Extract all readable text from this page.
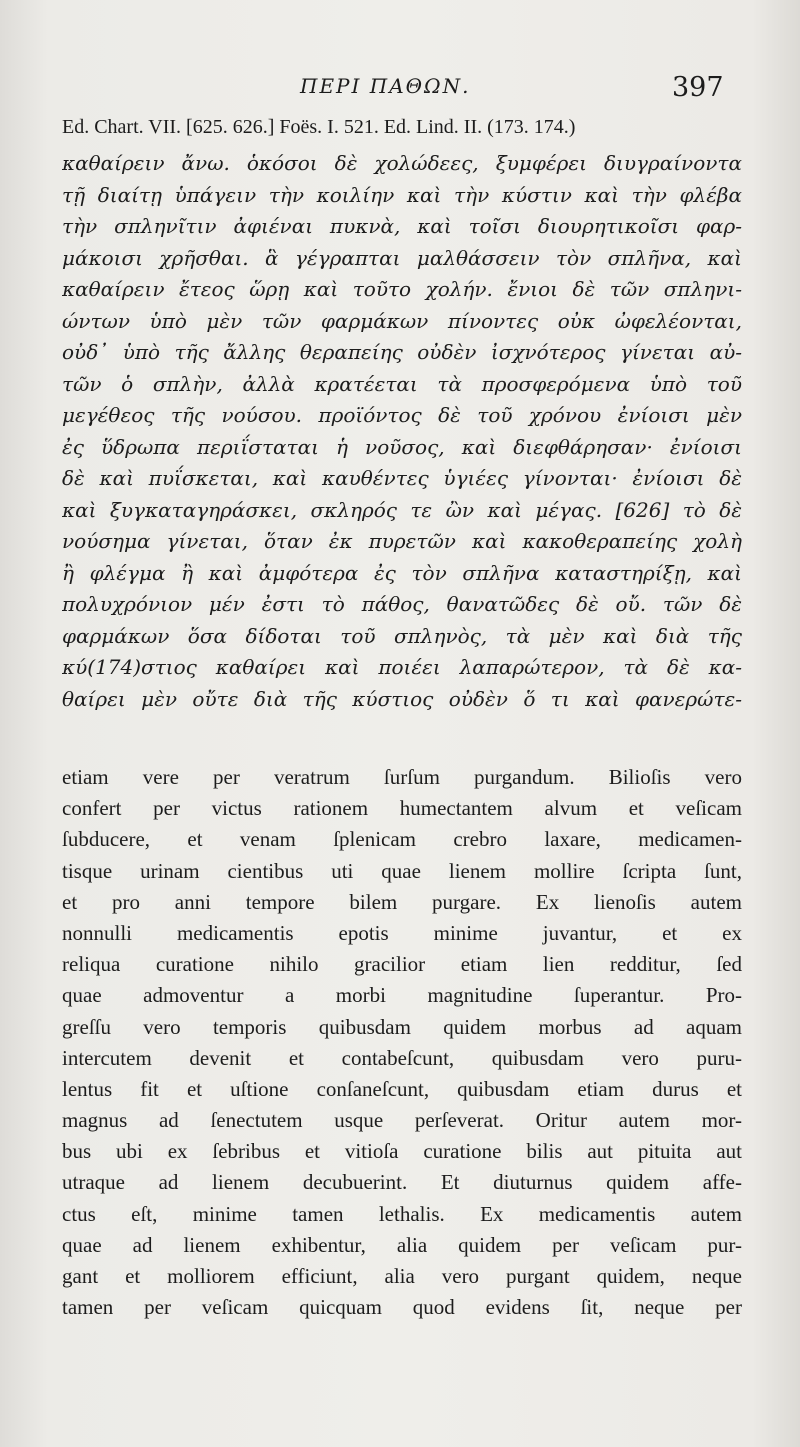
ΠΕΡΙ ΠΑΘΩΝ.	397
Ed. Chart. VII. [625. 626.] Foës. I. 521. Ed. Lind. II. (173. 174.)
καθαίρειν ἄνω. ὁκόσοι δὲ χολώδεες, ξυμφέρει διυγραίνοντα
τῇ διαίτῃ ὑπάγειν τὴν κοιλίην καὶ τὴν κύστιν καὶ τὴν φλέβα
τὴν σπληνῖτιν ἀφιέναι πυκνὰ, καὶ τοῖσι διουρητικοῖσι φαρ-
μάκοισι χρῆσθαι. ἃ γέγραπται μαλθάσσειν τὸν σπλῆνα, καὶ
καθαίρειν ἔτεος ὥρῃ καὶ τοῦτο χολήν. ἔνιοι δὲ τῶν σπληνι-
ώντων ὑπὸ μὲν τῶν φαρμάκων πίνοντες οὐκ ὠφελέονται,
οὐδ᾽ ὑπὸ τῆς ἄλλης θεραπείης οὐδὲν ἰσχνότερος γίνεται αὐ-
τῶν ὁ σπλὴν, ἀλλὰ κρατέεται τὰ προσφερόμενα ὑπὸ τοῦ
μεγέθεος τῆς νούσου. προϊόντος δὲ τοῦ χρόνου ἐνίοισι μὲν
ἐς ὕδρωπα περιΐσταται ἡ νοῦσος, καὶ διεφθάρησαν· ἐνίοισι
δὲ καὶ πυΐσκεται, καὶ καυθέντες ὑγιέες γίνονται· ἐνίοισι δὲ
καὶ ξυγκαταγηράσκει, σκληρός τε ὢν καὶ μέγας. [626] τὸ δὲ
νούσημα γίνεται, ὅταν ἐκ πυρετῶν καὶ κακοθεραπείης χολὴ
ἢ φλέγμα ἢ καὶ ἀμφότερα ἐς τὸν σπλῆνα καταστηρίξῃ, καὶ
πολυχρόνιον μέν ἐστι τὸ πάθος, θανατῶδες δὲ οὔ. τῶν δὲ
φαρμάκων ὅσα δίδοται τοῦ σπληνὸς, τὰ μὲν καὶ διὰ τῆς
κύ(174)στιος καθαίρει καὶ ποιέει λαπαρώτερον, τὰ δὲ κα-
θαίρει μὲν οὔτε διὰ τῆς κύστιος οὐδὲν ὅ τι καὶ φανερώτε-
etiam vere per veratrum ſurſum purgandum. Bilioſis vero
confert per victus rationem humectantem alvum et veſicam
ſubducere, et venam ſplenicam crebro laxare, medicamen-
tisque urinam cientibus uti quae lienem mollire ſcripta ſunt,
et pro anni tempore bilem purgare. Ex lienoſis autem
nonnulli medicamentis epotis minime juvantur, et ex
reliqua curatione nihilo gracilior etiam lien redditur, ſed
quae admoventur a morbi magnitudine ſuperantur. Pro-
greſſu vero temporis quibusdam quidem morbus ad aquam
intercutem devenit et contabeſcunt, quibusdam vero puru-
lentus fit et uſtione conſaneſcunt, quibusdam etiam durus et
magnus ad ſenectutem usque perſeverat. Oritur autem mor-
bus ubi ex ſebribus et vitioſa curatione bilis aut pituita aut
utraque ad lienem decubuerint. Et diuturnus quidem affe-
ctus eſt, minime tamen lethalis. Ex medicamentis autem
quae ad lienem exhibentur, alia quidem per veſicam pur-
gant et molliorem efficiunt, alia vero purgant quidem, neque
tamen per veſicam quicquam quod evidens ſit, neque per
